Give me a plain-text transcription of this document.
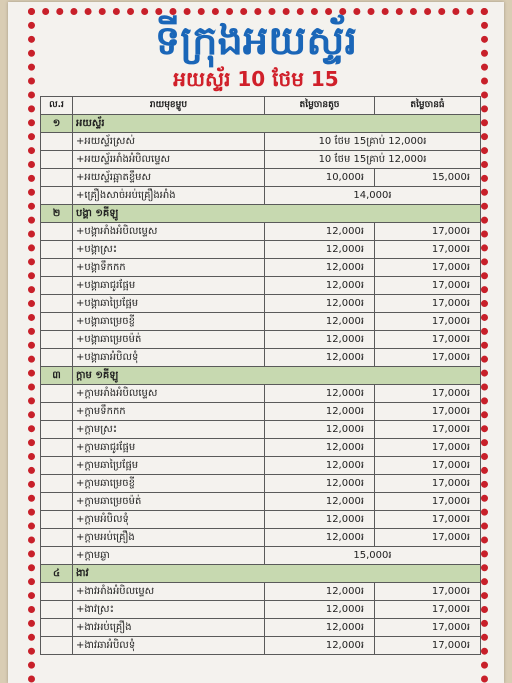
ទីក្រុងអយស្ទ័រ
អយស្ទ័រ 10 ថែម 15
ល.រ	រាយមុខម្ហូប	តម្លៃចានតូច	តម្លៃចានធំ
១	អយស្ទ័រ		
	+អយស្ទ័រស្រស់	10 ថែម 15គ្រាប់ 12,000៛	
	+អយស្ទ័រអាំងអំបិលម្ទេស	10 ថែម 15គ្រាប់ 12,000៛	
	+អយស្ទ័រឆ្អាតខ្ទឹមស	10,000៛	15,000៛
	+គ្រឿងសាច់អប់គ្រឿងអាំង	14,000៛	
២	បង្គា ១គីឡូ		
	+បង្គាអាំងអំបិលម្ទេស	12,000៛	17,000៛
	+បង្គាស្រះ	12,000៛	17,000៛
	+បង្គាទឹកកក	12,000៛	17,000៛
	+បង្គាឆាជូរផ្អែម	12,000៛	17,000៛
	+បង្គាឆាប្រៃផ្អែម	12,000៛	17,000៛
	+បង្គាឆាម្រេចខ្ចី	12,000៛	17,000៛
	+បង្គាឆាម្រេចម៉ត់	12,000៛	17,000៛
	+បង្គាឆាអំបិលទុំ	12,000៛	17,000៛
៣	ក្តាម ១គីឡូ		
	+ក្តាមអាំងអំបិលម្ទេស	12,000៛	17,000៛
	+ក្តាមទឹកកក	12,000៛	17,000៛
	+ក្តាមស្រះ	12,000៛	17,000៛
	+ក្តាមឆាជូរផ្អែម	12,000៛	17,000៛
	+ក្តាមឆាប្រៃផ្អែម	12,000៛	17,000៛
	+ក្តាមឆាម្រេចខ្ចី	12,000៛	17,000៛
	+ក្តាមឆាម្រេចម៉ត់	12,000៛	17,000៛
	+ក្តាមអំបិលទុំ	12,000៛	17,000៛
	+ក្តាមអប់គ្រឿង	12,000៛	17,000៛
	+ក្តាមឆ្ងា	15,000៛	
៤	ងាវ		
	+ងាវអាំងអំបិលម្ទេស	12,000៛	17,000៛
	+ងាវស្រះ	12,000៛	17,000៛
	+ងាវអប់គ្រឿង	12,000៛	17,000៛
	+ងាវឆាអំបិលទុំ	12,000៛	17,000៛
